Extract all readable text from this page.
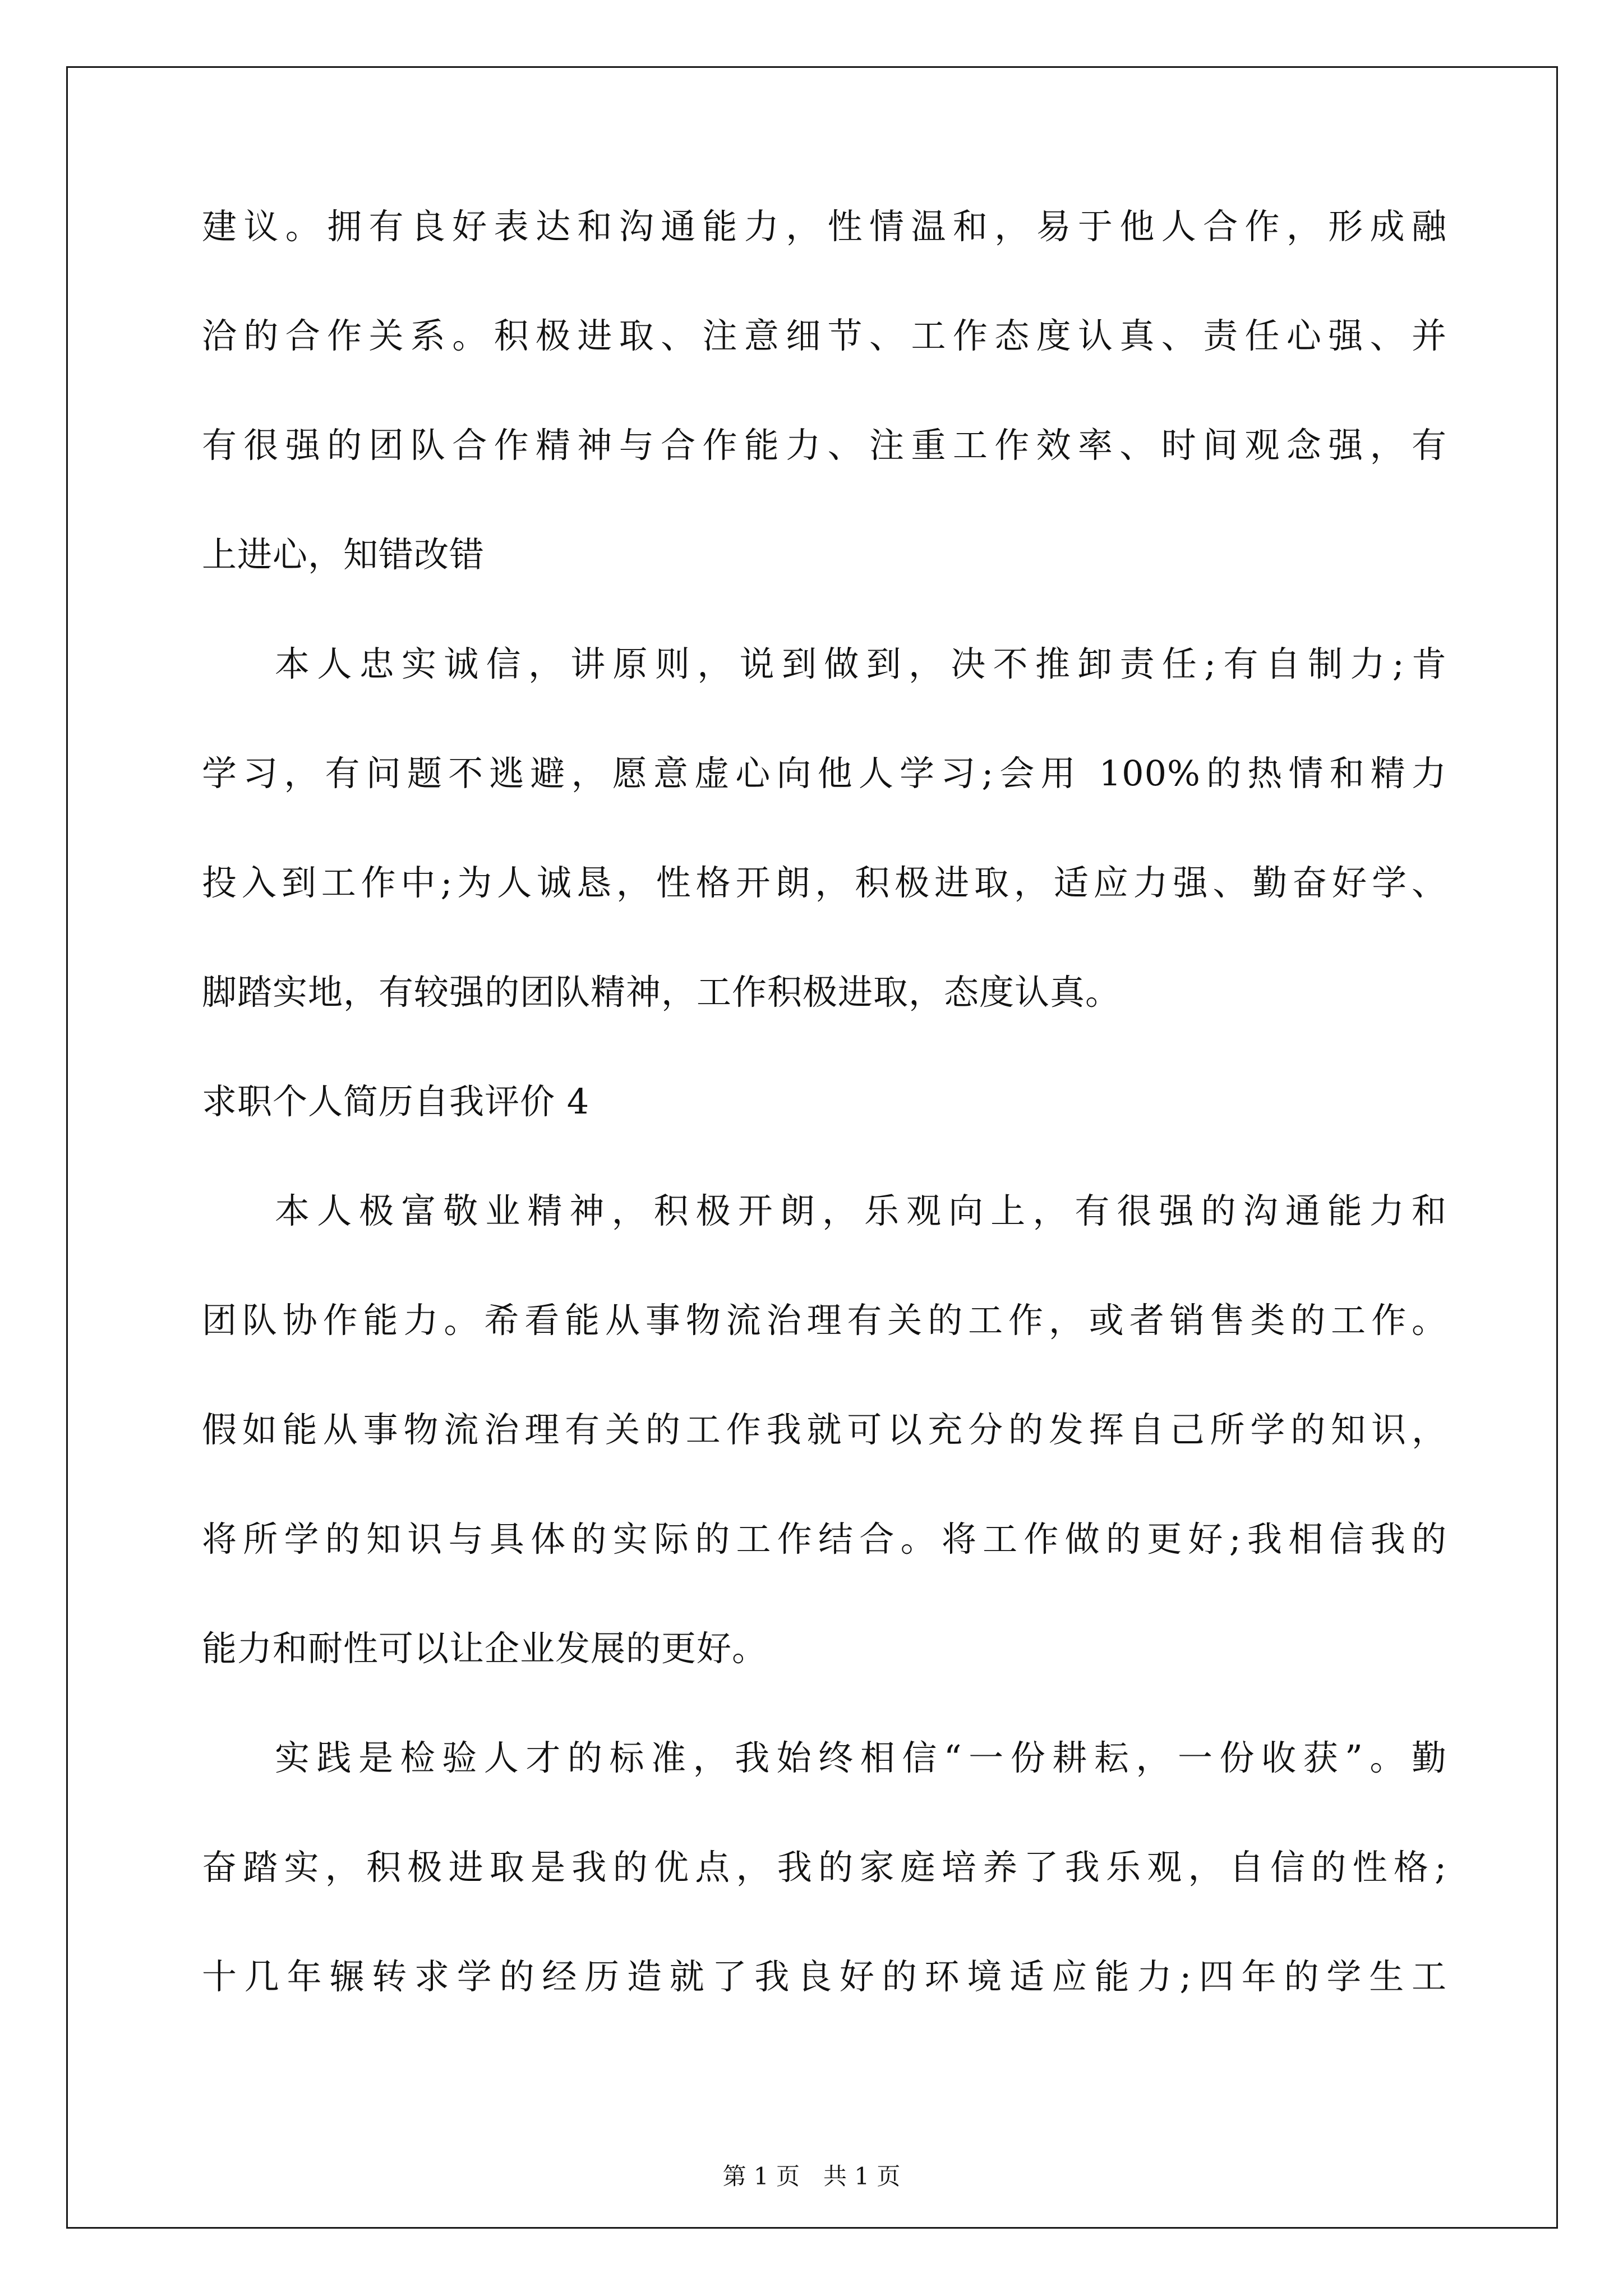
建议。拥有良好表达和沟通能力，性情温和，易于他人合作，形成融
洽的合作关系。积极进取、注意细节、工作态度认真、责任心强、并
有很强的团队合作精神与合作能力、注重工作效率、时间观念强，有
上进心，知错改错
本人忠实诚信，讲原则，说到做到，决不推卸责任;有自制力;肯
学习，有问题不逃避，愿意虚心向他人学习;会用 100%的热情和精力
投入到工作中;为人诚恳，性格开朗，积极进取，适应力强、勤奋好学、
脚踏实地，有较强的团队精神，工作积极进取，态度认真。
求职个人简历自我评价 4
本人极富敬业精神，积极开朗，乐观向上，有很强的沟通能力和
团队协作能力。希看能从事物流治理有关的工作，或者销售类的工作。
假如能从事物流治理有关的工作我就可以充分的发挥自己所学的知识，
将所学的知识与具体的实际的工作结合。将工作做的更好;我相信我的
能力和耐性可以让企业发展的更好。
实践是检验人才的标准，我始终相信“一份耕耘，一份收获”。勤
奋踏实，积极进取是我的优点，我的家庭培养了我乐观，自信的性格;
十几年辗转求学的经历造就了我良好的环境适应能力;四年的学生工
第 1 页　共 1 页
